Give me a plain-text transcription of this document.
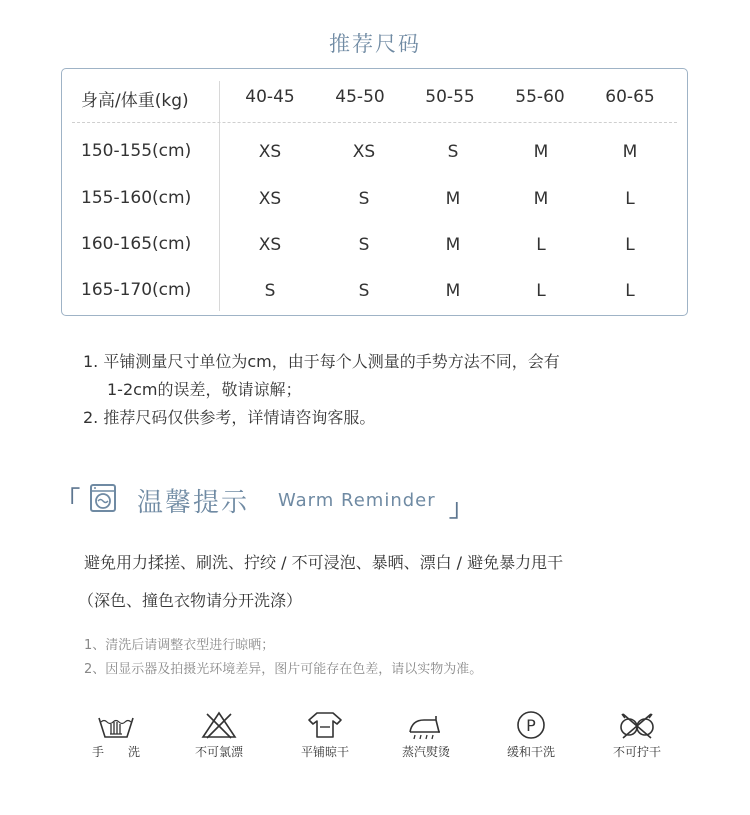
推荐尺码
身高/体重(kg)	40-45 45-50 50-55 55-60 60-65
150-155(cm)	XS	XS	S	M	M
155-160(cm)	XS	S	M	M	L
160-165(cm)	XS	S	M	L	L
165-170(cm)	S	S	M	L	L
1. 平铺测量尺寸单位为cm，由于每个人测量的手势方法不同，会有
1-2cm的误差，敬请谅解；
2. 推荐尺码仅供参考，详情请咨询客服。
「 温馨提示 Warm Reminder 」
避免用力揉搓、刷洗、拧绞 / 不可浸泡、暴晒、漂白 / 避免暴力甩干
（深色、撞色衣物请分开洗涤）
1、清洗后请调整衣型进行晾晒；
2、因显示器及拍摄光环境差异，图片可能存在色差，请以实物为准。
手　　洗	不可氯漂	平铺晾干	蒸汽熨烫
P
缓和干洗	不可拧干
